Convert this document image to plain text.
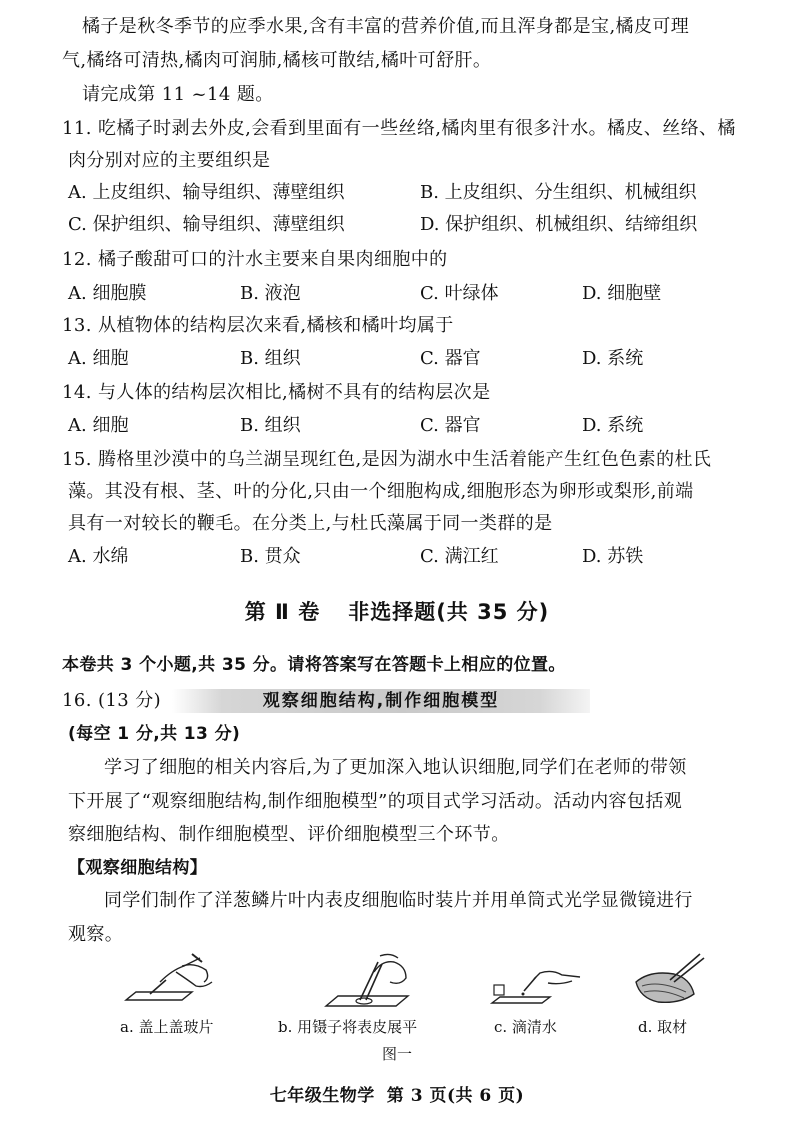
橘子是秋冬季节的应季水果,含有丰富的营养价值,而且浑身都是宝,橘皮可理
气,橘络可清热,橘肉可润肺,橘核可散结,橘叶可舒肝。
请完成第 11 ~14 题。
11. 吃橘子时剥去外皮,会看到里面有一些丝络,橘肉里有很多汁水。橘皮、丝络、橘
肉分别对应的主要组织是
A. 上皮组织、输导组织、薄壁组织	B. 上皮组织、分生组织、机械组织
C. 保护组织、输导组织、薄壁组织	D. 保护组织、机械组织、结缔组织
12. 橘子酸甜可口的汁水主要来自果肉细胞中的
A. 细胞膜	B. 液泡	C. 叶绿体	D. 细胞壁
13. 从植物体的结构层次来看,橘核和橘叶均属于
A. 细胞	B. 组织	C. 器官	D. 系统
14. 与人体的结构层次相比,橘树不具有的结构层次是
A. 细胞	B. 组织	C. 器官	D. 系统
15. 腾格里沙漠中的乌兰湖呈现红色,是因为湖水中生活着能产生红色色素的杜氏
藻。其没有根、茎、叶的分化,只由一个细胞构成,细胞形态为卵形或梨形,前端
具有一对较长的鞭毛。在分类上,与杜氏藻属于同一类群的是
A. 水绵	B. 贯众	C. 满江红	D. 苏铁
第 Ⅱ 卷 非选择题(共 35 分)
本卷共 3 个小题,共 35 分。请将答案写在答题卡上相应的位置。
16. (13 分)	观察细胞结构,制作细胞模型
(每空 1 分,共 13 分)
学习了细胞的相关内容后,为了更加深入地认识细胞,同学们在老师的带领
下开展了“观察细胞结构,制作细胞模型”的项目式学习活动。活动内容包括观
察细胞结构、制作细胞模型、评价细胞模型三个环节。
【观察细胞结构】
同学们制作了洋葱鳞片叶内表皮细胞临时装片并用单筒式光学显微镜进行
观察。
a. 盖上盖玻片	b. 用镊子将表皮展平	c. 滴清水	d. 取材
图一
七年级生物学 第 3 页(共 6 页)
